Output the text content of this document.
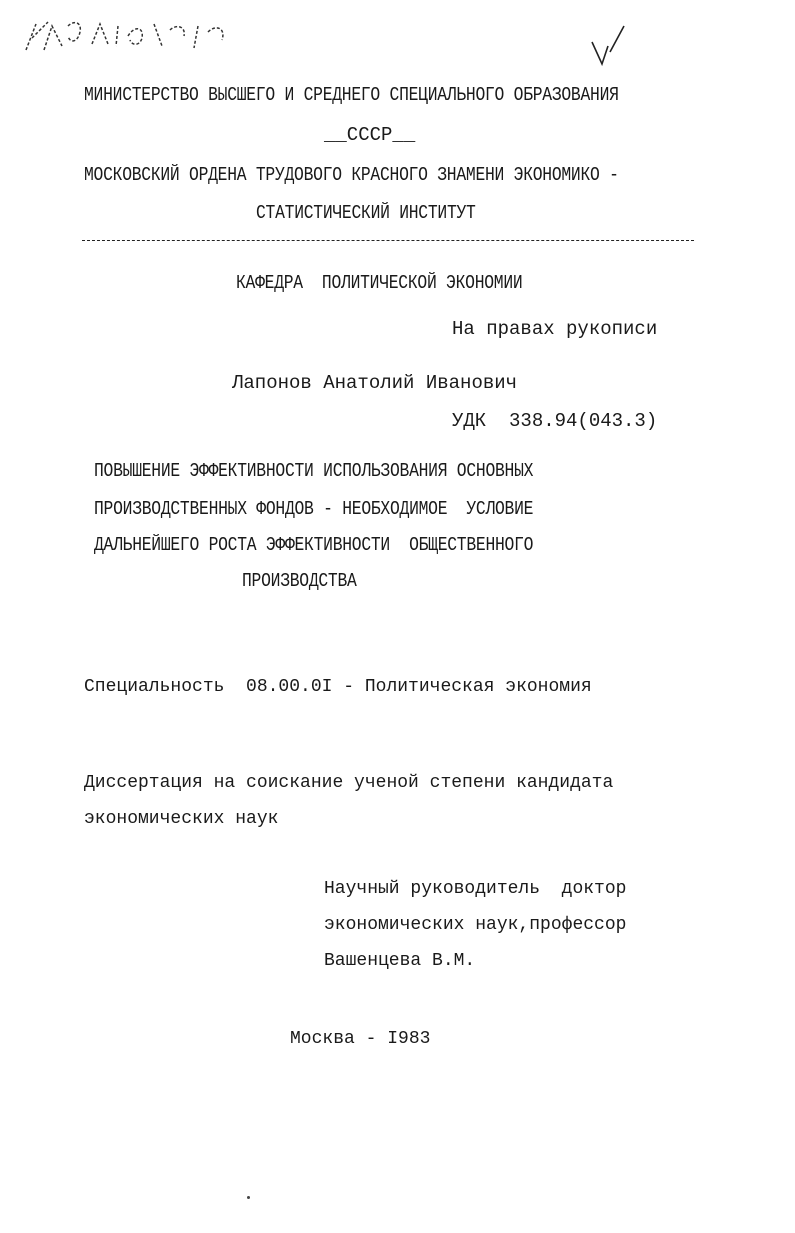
МИНИСТЕРСТВО ВЫСШЕГО И СРЕДНЕГО СПЕЦИАЛЬНОГО ОБРАЗОВАНИЯ
__СССР__
МОСКОВСКИЙ ОРДЕНА ТРУДОВОГО КРАСНОГО ЗНАМЕНИ ЭКОНОМИКО -
СТАТИСТИЧЕСКИЙ ИНСТИТУТ
КАФЕДРА  ПОЛИТИЧЕСКОЙ ЭКОНОМИИ
На правах рукописи
Лапонов Анатолий Иванович
УДК  338.94(043.3)
ПОВЫШЕНИЕ ЭФФЕКТИВНОСТИ ИСПОЛЬЗОВАНИЯ ОСНОВНЫХ
ПРОИЗВОДСТВЕННЫХ ФОНДОВ - НЕОБХОДИМОЕ  УСЛОВИЕ
ДАЛЬНЕЙШЕГО РОСТА ЭФФЕКТИВНОСТИ  ОБЩЕСТВЕННОГО
ПРОИЗВОДСТВА
Специальность  08.00.0I - Политическая экономия
Диссертация на соискание ученой степени кандидата
экономических наук
Научный руководитель  доктор
экономических наук,профессор
Вашенцева В.М.
Москва - I983
